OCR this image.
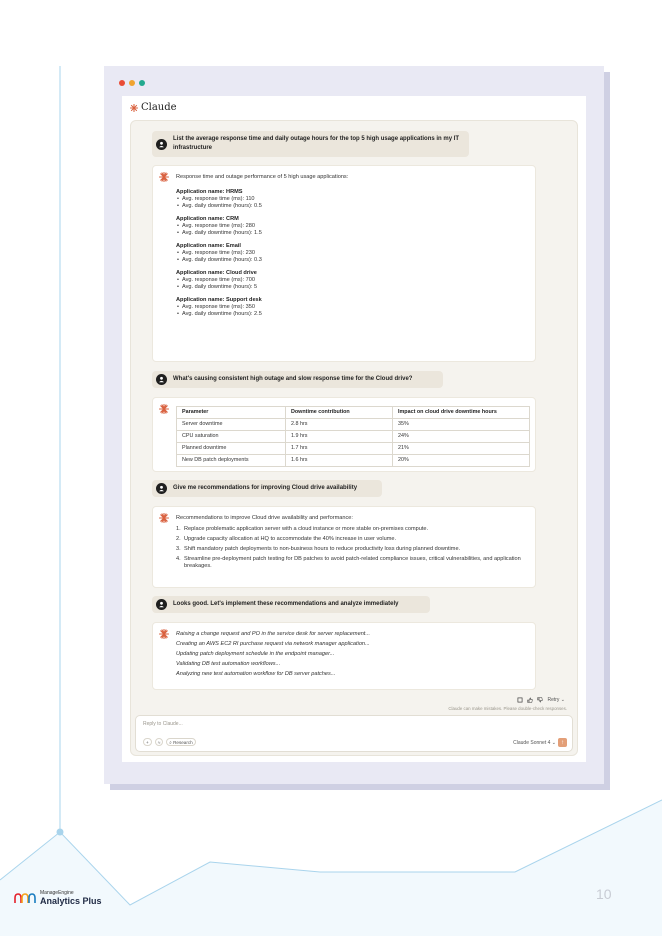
Claude
List the average response time and daily outage hours for the top 5 high usage applications in my IT infrastructure
Response time and outage performance of 5 high usage applications:
Application name: HRMS
• Avg. response time (ms): 110
• Avg. daily downtime (hours): 0.5
Application name: CRM
• Avg. response time (ms): 280
• Avg. daily downtime (hours): 1.5
Application name: Email
• Avg. response time (ms): 230
• Avg. daily downtime (hours): 0.3
Application name: Cloud drive
• Avg. response time (ms): 700
• Avg. daily downtime (hours): 5
Application name: Support desk
• Avg. response time (ms): 350
• Avg. daily downtime (hours): 2.5
What's causing consistent high outage and slow response time for the Cloud drive?
Parameter	Downtime contribution	Impact on cloud drive downtime hours
Server downtime	2.8 hrs	35%
CPU saturation	1.9 hrs	24%
Planned downtime	1.7 hrs	21%
New DB patch deployments	1.6 hrs	20%
Give me recommendations for improving Cloud drive availability
Recommendations to improve Cloud drive availability and performance:
1. Replace problematic application server with a cloud instance or more stable on-premises compute.
2. Upgrade capacity allocation at HQ to accommodate the 40% increase in user volume.
3. Shift mandatory patch deployments to non-business hours to reduce productivity loss during planned downtime.
4. Streamline pre-deployment patch testing for DB patches to avoid patch-related compliance issues, critical vulnerabilities, and application breakages.
Looks good. Let's implement these recommendations and analyze immediately
Raising a change request and PO in the service desk for server replacement...
Creating an AWS EC2 RI purchase request via network manager application...
Updating patch deployment schedule in the endpoint manager...
Validating DB test automation workflows...
Analyzing new test automation workflow for DB server patches...
Retry ⌄
Claude can make mistakes. Please double-check responses.
Reply to Claude...
+ ≈ ⌕
Research	Claude Sonnet 4 ⌄ ↑
ManageEngine
Analytics Plus	10
